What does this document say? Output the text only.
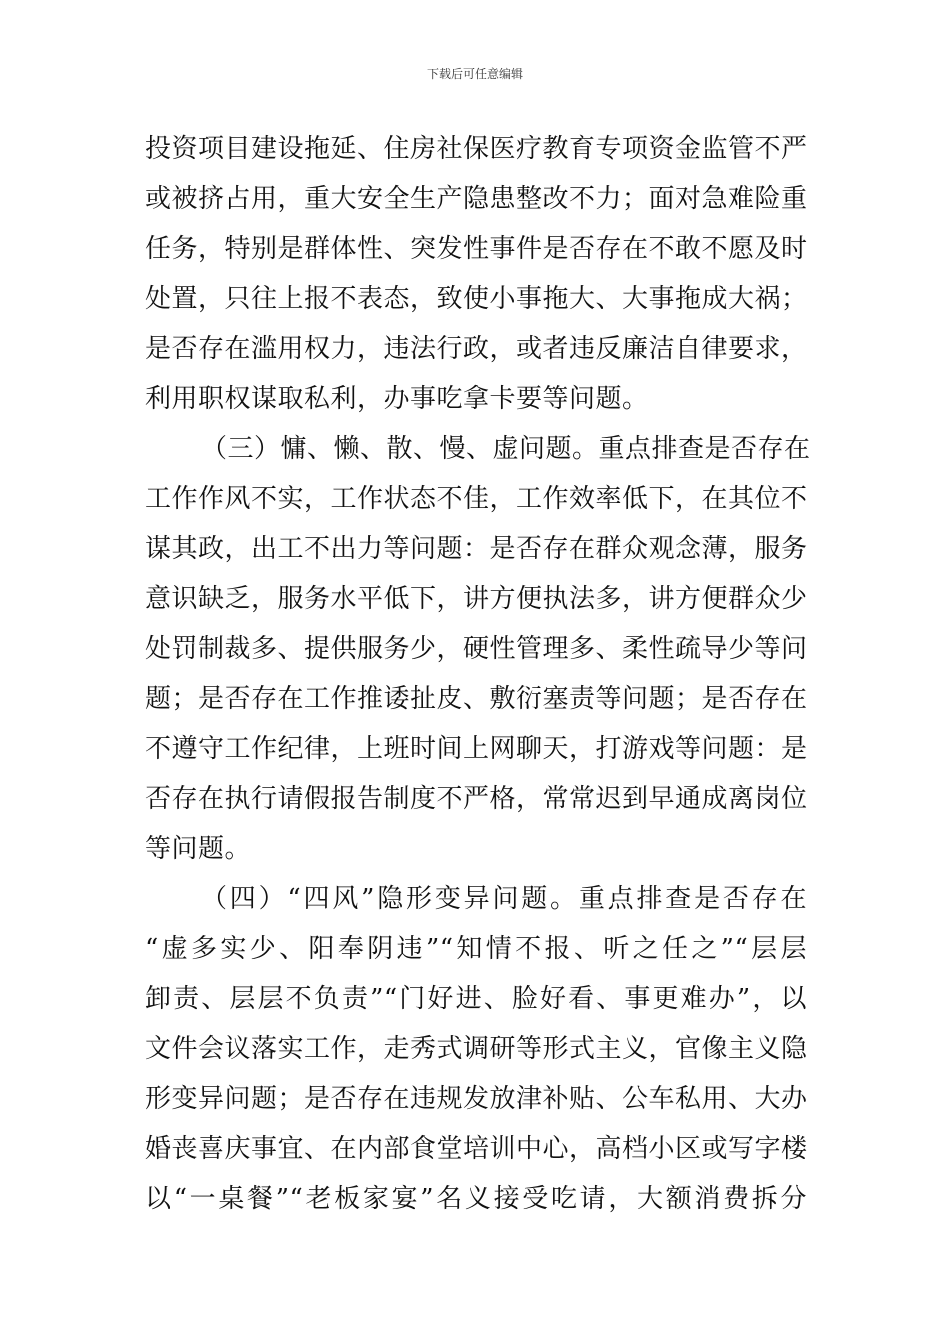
下载后可任意编辑
投资项目建设拖延、住房社保医疗教育专项资金监管不严
或被挤占用，重大安全生产隐患整改不力；面对急难险重
任务，特别是群体性、突发性事件是否存在不敢不愿及时
处置，只往上报不表态，致使小事拖大、大事拖成大祸；
是否存在滥用权力，违法行政，或者违反廉洁自律要求，
利用职权谋取私利，办事吃拿卡要等问题。
（三）慵、懒、散、慢、虚问题。重点排查是否存在
工作作风不实，工作状态不佳，工作效率低下，在其位不
谋其政，出工不出力等问题：是否存在群众观念薄，服务
意识缺乏，服务水平低下，讲方便执法多，讲方便群众少
处罚制裁多、提供服务少，硬性管理多、柔性疏导少等问
题；是否存在工作推诿扯皮、敷衍塞责等问题；是否存在
不遵守工作纪律，上班时间上网聊天，打游戏等问题：是
否存在执行请假报告制度不严格，常常迟到早通成离岗位
等问题。
（四）“四风”隐形变异问题。重点排查是否存在
“虚多实少、阳奉阴违”“知情不报、听之任之”“层层
卸责、层层不负责”“门好进、脸好看、事更难办”，以
文件会议落实工作，走秀式调研等形式主义，官像主义隐
形变异问题；是否存在违规发放津补贴、公车私用、大办
婚丧喜庆事宜、在内部食堂培训中心，高档小区或写字楼
以“一桌餐”“老板家宴”名义接受吃请，大额消费拆分
